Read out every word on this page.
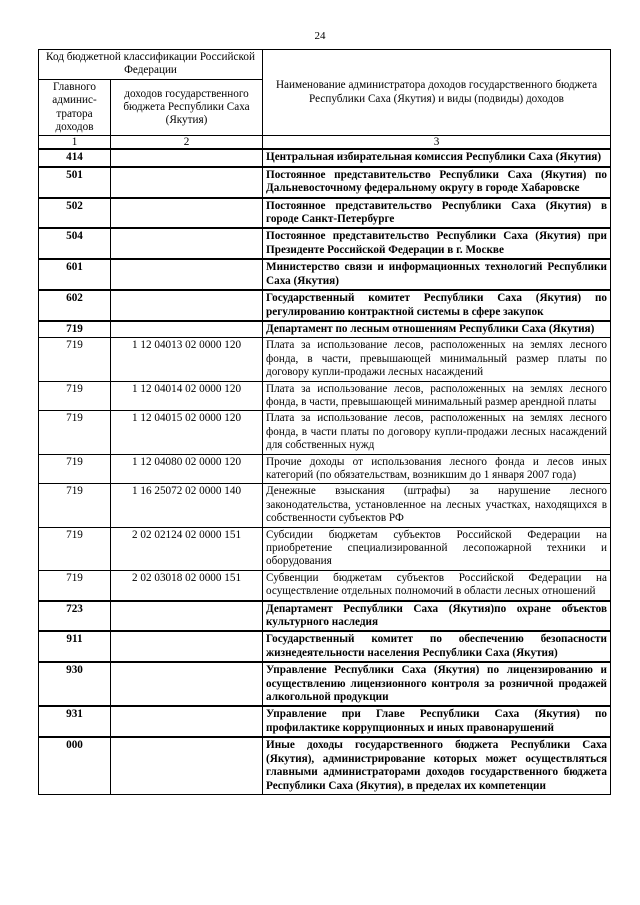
24
Код бюджетной классификации Российской Федерации		Наименование администратора доходов государственного бюджета Республики Саха (Якутия) и виды (подвиды) доходов
Главного админис-тратора доходов	доходов государственного бюджета Республики Саха (Якутия)	
1	2	3
414		Центральная избирательная комиссия Республики Саха (Якутия)
501		Постоянное представительство Республики Саха (Якутия) по Дальневосточному федеральному округу в городе Хабаровске
502		Постоянное представительство Республики Саха (Якутия) в городе Санкт-Петербурге
504		Постоянное представительство Республики Саха (Якутия) при Президенте Российской Федерации в г. Москве
601		Министерство связи и информационных технологий Республики Саха (Якутия)
602		Государственный комитет Республики Саха (Якутия) по регулированию контрактной системы в сфере закупок
719		Департамент по лесным отношениям Республики Саха (Якутия)
719	1 12 04013 02 0000 120	Плата за использование лесов, расположенных на землях лесного фонда, в части, превышающей минимальный размер платы по договору купли-продажи лесных насаждений
719	1 12 04014 02 0000 120	Плата за использование лесов, расположенных на землях лесного фонда, в части, превышающей минимальный размер арендной платы
719	1 12 04015 02 0000 120	Плата за использование лесов, расположенных на землях лесного фонда, в части платы по договору купли-продажи лесных насаждений для собственных нужд
719	1 12 04080 02 0000 120	Прочие доходы от использования лесного фонда и лесов иных категорий (по обязательствам, возникшим до 1 января 2007 года)
719	1 16 25072 02 0000 140	Денежные взыскания (штрафы) за нарушение лесного законодательства, установленное на лесных участках, находящихся в собственности субъектов РФ
719	2 02 02124 02 0000 151	Субсидии бюджетам субъектов Российской Федерации на приобретение специализированной лесопожарной техники и оборудования
719	2 02 03018 02 0000 151	Субвенции бюджетам субъектов Российской Федерации на осуществление отдельных полномочий в области лесных отношений
723		Департамент Республики Саха (Якутия)по охране объектов культурного наследия
911		Государственный комитет по обеспечению безопасности жизнедеятельности населения Республики Саха (Якутия)
930		Управление Республики Саха (Якутия) по лицензированию и осуществлению лицензионного контроля за розничной продажей алкогольной продукции
931		Управление при Главе Республики Саха (Якутия) по профилактике коррупционных и иных правонарушений
000		Иные доходы государственного бюджета Республики Саха (Якутия), администрирование которых может осуществляться главными администраторами доходов государственного бюджета Республики Саха (Якутия), в пределах их компетенции
